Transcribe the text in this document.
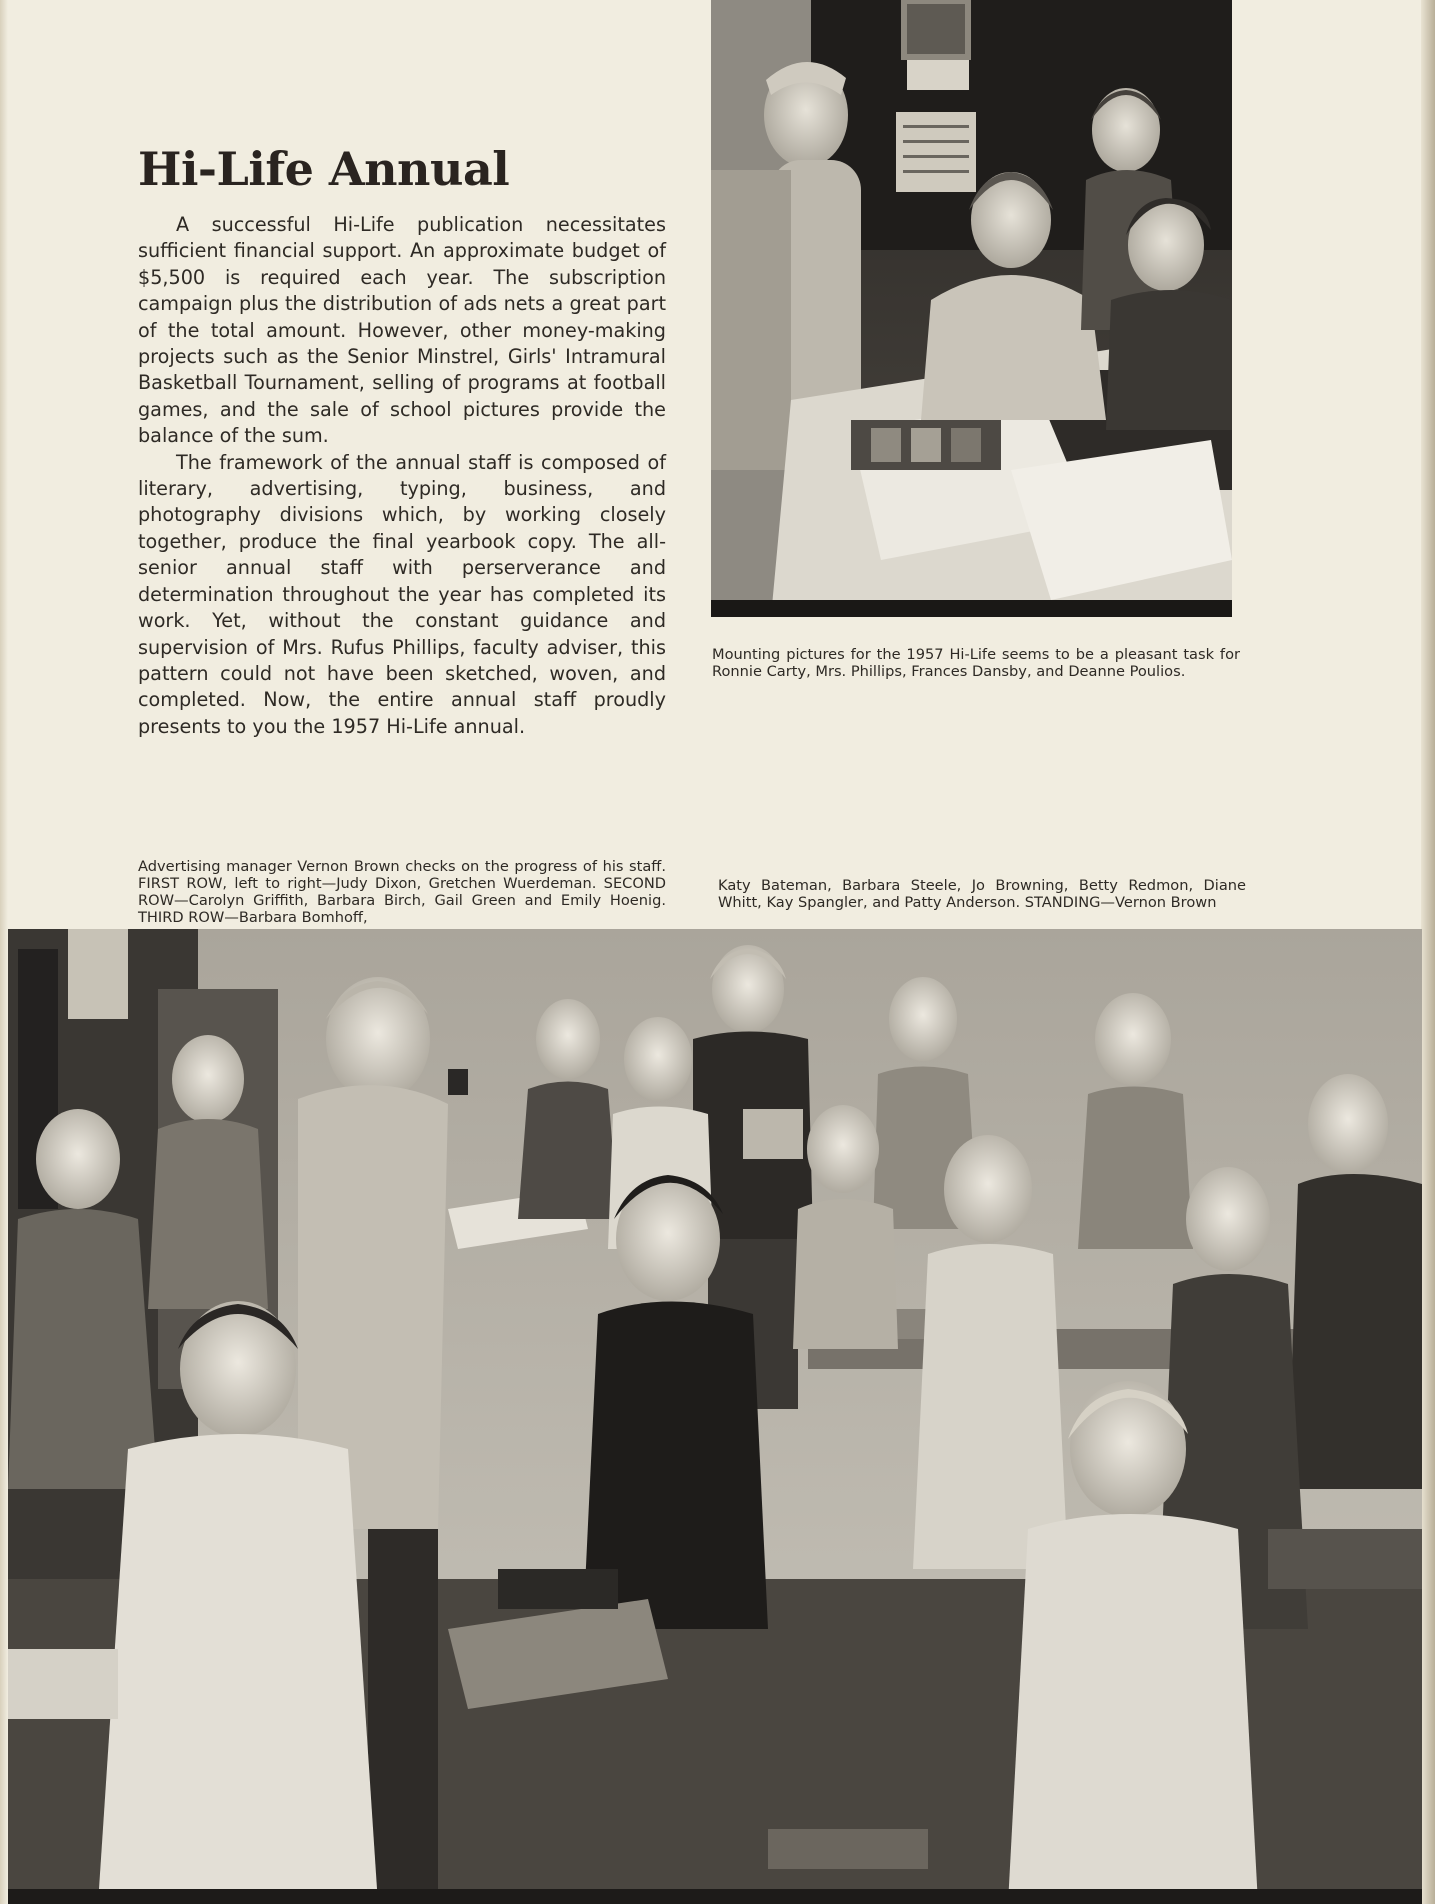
Hi-Life Annual

A successful Hi-Life publication necessitates sufficient financial support. An approximate budget of $5,500 is required each year. The subscription campaign plus the distribution of ads nets a great part of the total amount. However, other money-making projects such as the Senior Minstrel, Girls' Intramural Basketball Tournament, selling of programs at football games, and the sale of school pictures provide the balance of the sum.

The framework of the annual staff is composed of literary, advertising, typing, business, and photography divisions which, by working closely together, produce the final yearbook copy. The all-senior annual staff with perserverance and determination throughout the year has completed its work. Yet, without the constant guidance and supervision of Mrs. Rufus Phillips, faculty adviser, this pattern could not have been sketched, woven, and completed. Now, the entire annual staff proudly presents to you the 1957 Hi-Life annual.

Mounting pictures for the 1957 Hi-Life seems to be a pleasant task for Ronnie Carty, Mrs. Phillips, Frances Dansby, and Deanne Poulios.

Advertising manager Vernon Brown checks on the progress of his staff. FIRST ROW, left to right—Judy Dixon, Gretchen Wuerdeman. SECOND ROW—Carolyn Griffith, Barbara Birch, Gail Green and Emily Hoenig. THIRD ROW—Barbara Bomhoff,

Katy Bateman, Barbara Steele, Jo Browning, Betty Redmon, Diane Whitt, Kay Spangler, and Patty Anderson. STANDING—Vernon Brown
